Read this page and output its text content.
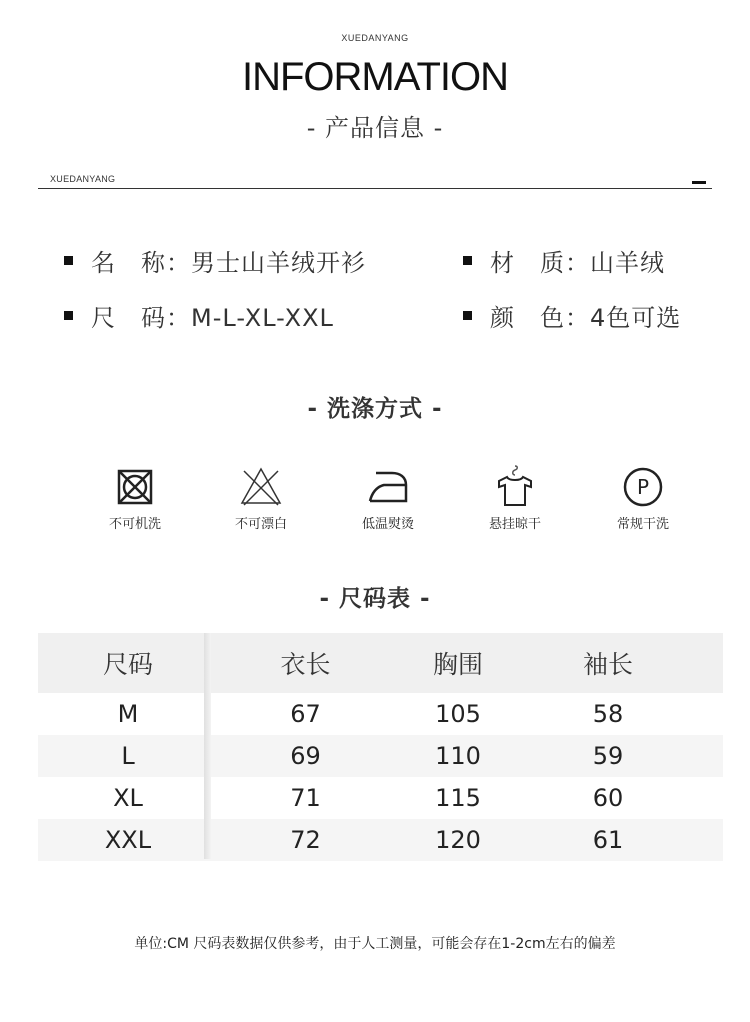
XUEDANYANG
INFORMATION
- 产品信息 -
XUEDANYANG
名　称：男士山羊绒开衫	材　质：山羊绒
尺　码：M-L-XL-XXL	颜　色：4色可选
- 洗涤方式 -
不可机洗	不可漂白	低温熨烫	悬挂晾干
P
常规干洗
- 尺码表 -
尺码	衣长	胸围	袖长
M	67	105	58
L	69	110	59
XL	71	115	60
XXL	72	120	61
单位:CM 尺码表数据仅供参考，由于人工测量，可能会存在1-2cm左右的偏差
